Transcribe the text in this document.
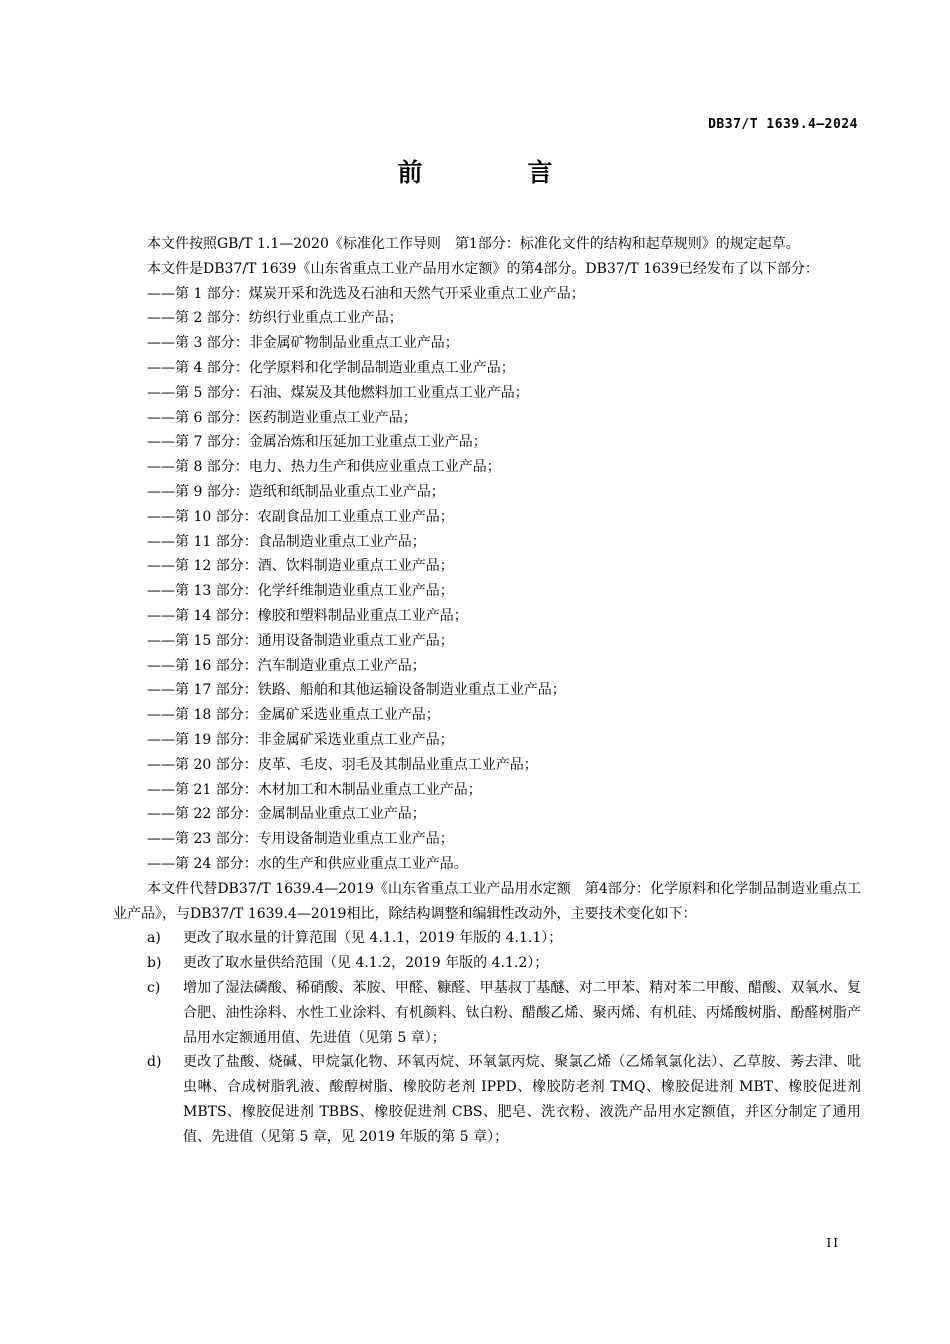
DB37/T 1639.4—2024
前　言

本文件按照GB/T 1.1—2020《标准化工作导则　第1部分：标准化文件的结构和起草规则》的规定起草。

本文件是DB37/T 1639《山东省重点工业产品用水定额》的第4部分。DB37/T 1639已经发布了以下部分：

——第 1 部分：煤炭开采和洗选及石油和天然气开采业重点工业产品；
——第 2 部分：纺织行业重点工业产品；
——第 3 部分：非金属矿物制品业重点工业产品；
——第 4 部分：化学原料和化学制品制造业重点工业产品；
——第 5 部分：石油、煤炭及其他燃料加工业重点工业产品；
——第 6 部分：医药制造业重点工业产品；
——第 7 部分：金属冶炼和压延加工业重点工业产品；
——第 8 部分：电力、热力生产和供应业重点工业产品；
——第 9 部分：造纸和纸制品业重点工业产品；
——第 10 部分：农副食品加工业重点工业产品；
——第 11 部分：食品制造业重点工业产品；
——第 12 部分：酒、饮料制造业重点工业产品；
——第 13 部分：化学纤维制造业重点工业产品；
——第 14 部分：橡胶和塑料制品业重点工业产品；
——第 15 部分：通用设备制造业重点工业产品；
——第 16 部分：汽车制造业重点工业产品；
——第 17 部分：铁路、船舶和其他运输设备制造业重点工业产品；
——第 18 部分：金属矿采选业重点工业产品；
——第 19 部分：非金属矿采选业重点工业产品；
——第 20 部分：皮革、毛皮、羽毛及其制品业重点工业产品；
——第 21 部分：木材加工和木制品业重点工业产品；
——第 22 部分：金属制品业重点工业产品；
——第 23 部分：专用设备制造业重点工业产品；
——第 24 部分：水的生产和供应业重点工业产品。

本文件代替DB37/T 1639.4—2019《山东省重点工业产品用水定额　第4部分：化学原料和化学制品制造业重点工业产品》，与DB37/T 1639.4—2019相比，除结构调整和编辑性改动外，主要技术变化如下：

a)	更改了取水量的计算范围（见 4.1.1，2019 年版的 4.1.1）；
b)	更改了取水量供给范围（见 4.1.2，2019 年版的 4.1.2）；
c)	增加了湿法磷酸、稀硝酸、苯胺、甲醛、糠醛、甲基叔丁基醚、对二甲苯、精对苯二甲酸、醋酸、双氧水、复合肥、油性涂料、水性工业涂料、有机颜料、钛白粉、醋酸乙烯、聚丙烯、有机硅、丙烯酸树脂、酚醛树脂产品用水定额通用值、先进值（见第 5 章）；
d)	更改了盐酸、烧碱、甲烷氯化物、环氧丙烷、环氧氯丙烷、聚氯乙烯（乙烯氧氯化法）、乙草胺、莠去津、吡虫啉、合成树脂乳液、酸醇树脂、橡胶防老剂 IPPD、橡胶防老剂 TMQ、橡胶促进剂 MBT、橡胶促进剂 MBTS、橡胶促进剂 TBBS、橡胶促进剂 CBS、肥皂、洗衣粉、液洗产品用水定额值，并区分制定了通用值、先进值（见第 5 章，见 2019 年版的第 5 章）；
II
